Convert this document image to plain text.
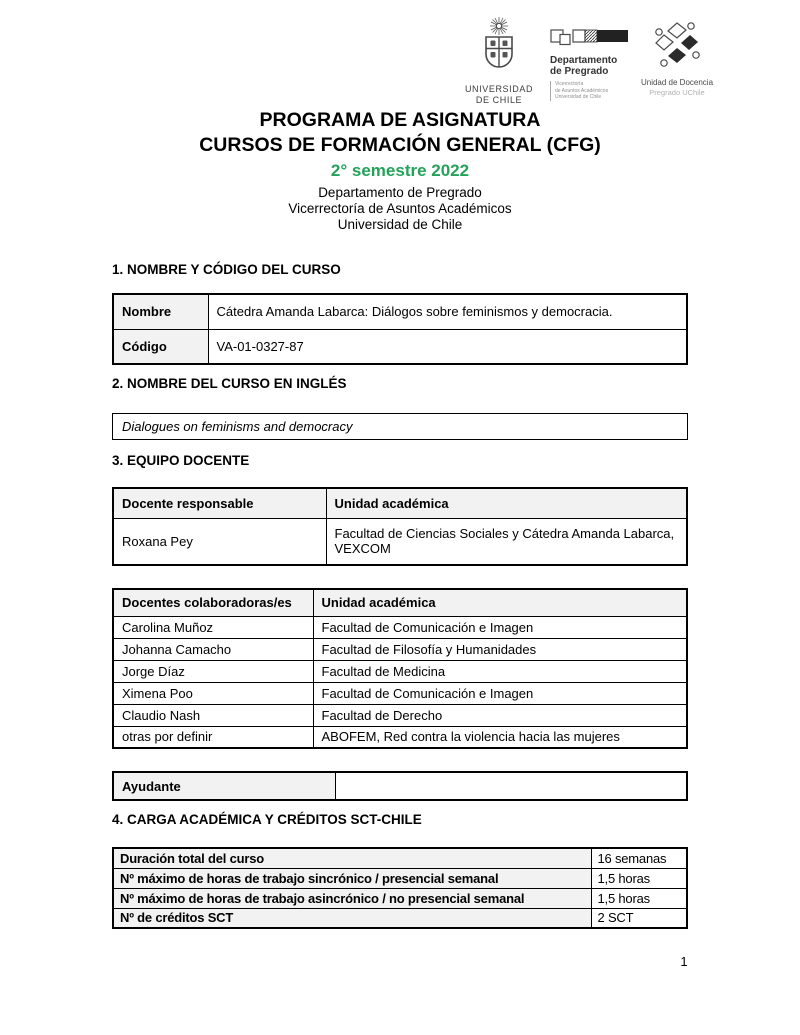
UNIVERSIDAD
DE CHILE
Departamento
de Pregrado
Vicerrectoría
de Asuntos Académicos
Universidad de Chile
Unidad de Docencia
Pregrado UChile
PROGRAMA DE ASIGNATURA
CURSOS DE FORMACIÓN GENERAL (CFG)
2° semestre 2022
Departamento de Pregrado
Vicerrectoría de Asuntos Académicos
Universidad de Chile
1. NOMBRE Y CÓDIGO DEL CURSO
Nombre	Cátedra Amanda Labarca: Diálogos sobre feminismos y democracia.
Código	VA-01-0327-87
2. NOMBRE DEL CURSO EN INGLÉS
Dialogues on feminisms and democracy
3. EQUIPO DOCENTE
Docente responsable	Unidad académica
Roxana Pey	Facultad de Ciencias Sociales y Cátedra Amanda Labarca, VEXCOM
Docentes colaboradoras/es	Unidad académica
Carolina Muñoz	Facultad de Comunicación e Imagen
Johanna Camacho	Facultad de Filosofía y Humanidades
Jorge Díaz	Facultad de Medicina
Ximena Poo	Facultad de Comunicación e Imagen
Claudio Nash	Facultad de Derecho
otras por definir	ABOFEM, Red contra la violencia hacia las mujeres
Ayudante	
4. CARGA ACADÉMICA Y CRÉDITOS SCT-CHILE
Duración total del curso	16 semanas
Nº máximo de horas de trabajo sincrónico / presencial semanal	1,5 horas
Nº máximo de horas de trabajo asincrónico / no presencial semanal	1,5 horas
Nº de créditos SCT	2 SCT
1
